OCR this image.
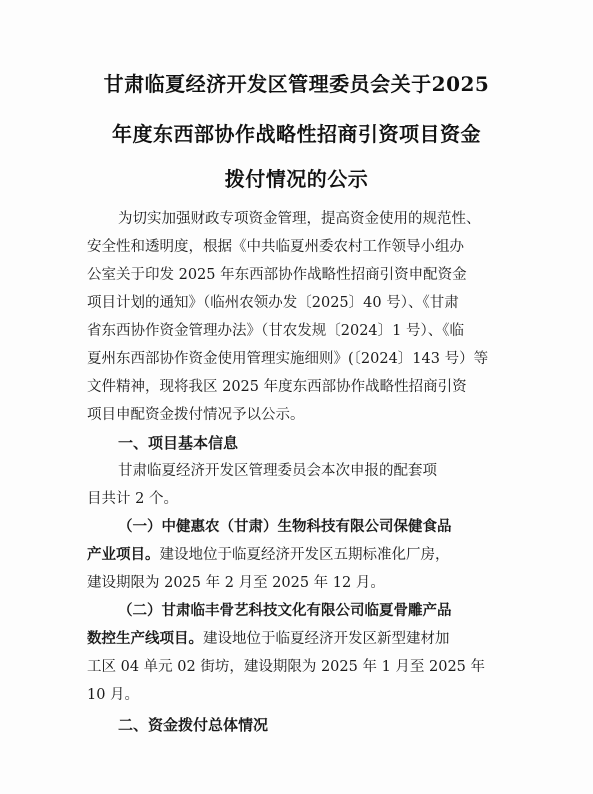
甘肃临夏经济开发区管理委员会关于2025
年度东西部协作战略性招商引资项目资金
拨付情况的公示
为切实加强财政专项资金管理，提高资金使用的规范性、
安全性和透明度，根据《中共临夏州委农村工作领导小组办
公室关于印发 2025 年东西部协作战略性招商引资申配资金
项目计划的通知》（临州农领办发〔2025〕40 号）、《甘肃
省东西协作资金管理办法》（甘农发规〔2024〕1 号）、《临
夏州东西部协作资金使用管理实施细则》(〔2024〕143 号）等
文件精神，现将我区 2025 年度东西部协作战略性招商引资
项目申配资金拨付情况予以公示。
一、项目基本信息
甘肃临夏经济开发区管理委员会本次申报的配套项
目共计 2 个。
（一）中健惠农（甘肃）生物科技有限公司保健食品
产业项目。建设地位于临夏经济开发区五期标准化厂房，
建设期限为 2025 年 2 月至 2025 年 12 月。
（二）甘肃临丰骨艺科技文化有限公司临夏骨雕产品
数控生产线项目。建设地位于临夏经济开发区新型建材加
工区 04 单元 02 街坊，建设期限为 2025 年 1 月至 2025 年
10 月。
二、资金拨付总体情况
